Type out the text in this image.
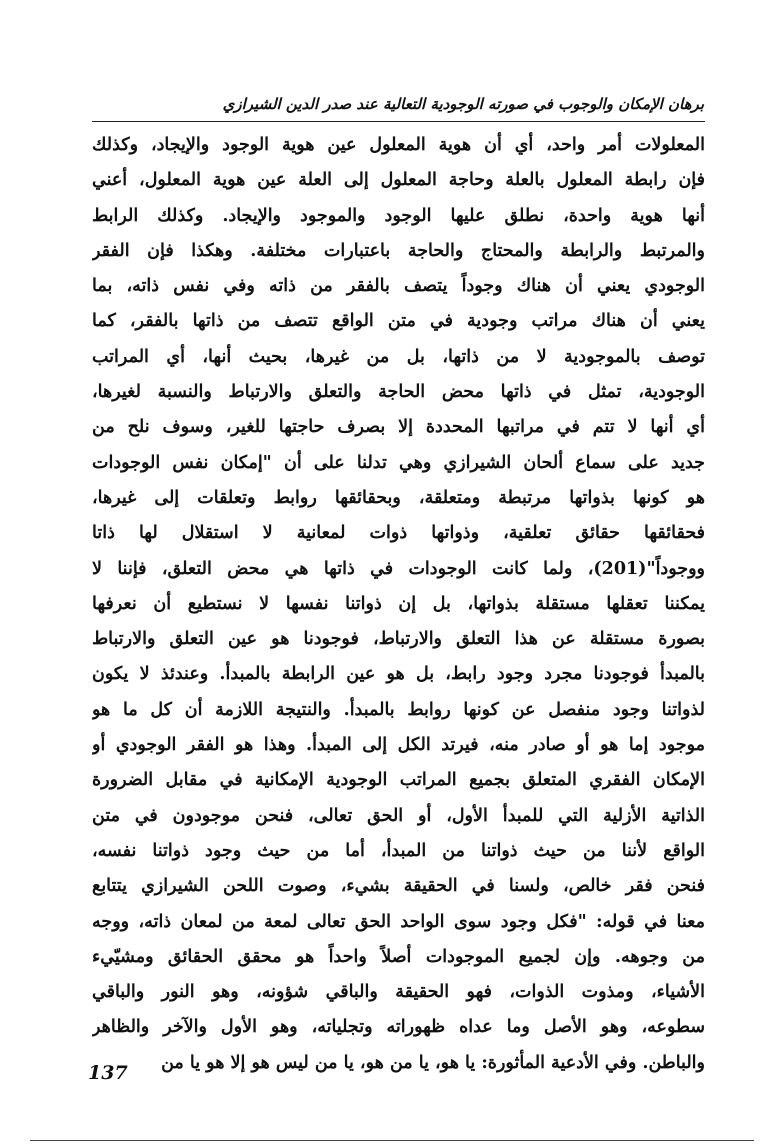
برهان الإمكان والوجوب في صورته الوجودية التعالية عند صدر الدين الشيرازي
المعلولات أمر واحد، أي أن هوية المعلول عين هوية الوجود والإيجاد، وكذلك
فإن رابطة المعلول بالعلة وحاجة المعلول إلى العلة عين هوية المعلول، أعني
أنها هوية واحدة، نطلق عليها الوجود والموجود والإيجاد. وكذلك الرابط
والمرتبط والرابطة والمحتاج والحاجة باعتبارات مختلفة. وهكذا فإن الفقر
الوجودي يعني أن هناك وجوداً يتصف بالفقر من ذاته وفي نفس ذاته، بما
يعني أن هناك مراتب وجودية في متن الواقع تتصف من ذاتها بالفقر، كما
توصف بالموجودية لا من ذاتها، بل من غيرها، بحيث أنها، أي المراتب
الوجودية، تمثل في ذاتها محض الحاجة والتعلق والارتباط والنسبة لغيرها،
أي أنها لا تتم في مراتبها المحددة إلا بصرف حاجتها للغير، وسوف نلح من
جديد على سماع ألحان الشيرازي وهي تدلنا على أن "إمكان نفس الوجودات
هو كونها بذواتها مرتبطة ومتعلقة، وبحقائقها روابط وتعلقات إلى غيرها،
فحقائقها حقائق تعلقية، وذواتها ذوات لمعانية لا استقلال لها ذاتا
ووجوداً"(201)، ولما كانت الوجودات في ذاتها هي محض التعلق، فإننا لا
يمكننا تعقلها مستقلة بذواتها، بل إن ذواتنا نفسها لا نستطيع أن نعرفها
بصورة مستقلة عن هذا التعلق والارتباط، فوجودنا هو عين التعلق والارتباط
بالمبدأ فوجودنا مجرد وجود رابط، بل هو عين الرابطة بالمبدأ. وعندئذ لا يكون
لذواتنا وجود منفصل عن كونها روابط بالمبدأ. والنتيجة اللازمة أن كل ما هو
موجود إما هو أو صادر منه، فيرتد الكل إلى المبدأ. وهذا هو الفقر الوجودي أو
الإمكان الفقري المتعلق بجميع المراتب الوجودية الإمكانية في مقابل الضرورة
الذاتية الأزلية التي للمبدأ الأول، أو الحق تعالى، فنحن موجودون في متن
الواقع لأننا من حيث ذواتنا من المبدأ، أما من حيث وجود ذواتنا نفسه،
فنحن فقر خالص، ولسنا في الحقيقة بشيء، وصوت اللحن الشيرازي يتتابع
معنا في قوله: "فكل وجود سوى الواحد الحق تعالى لمعة من لمعان ذاته، ووجه
من وجوهه. وإن لجميع الموجودات أصلاً واحداً هو محقق الحقائق ومشيّيء
الأشياء، ومذوت الذوات، فهو الحقيقة والباقي شؤونه، وهو النور والباقي
سطوعه، وهو الأصل وما عداه ظهوراته وتجلياته، وهو الأول والآخر والظاهر
والباطن. وفي الأدعية المأثورة: يا هو، يا من هو، يا من ليس هو إلا هو يا من
137
